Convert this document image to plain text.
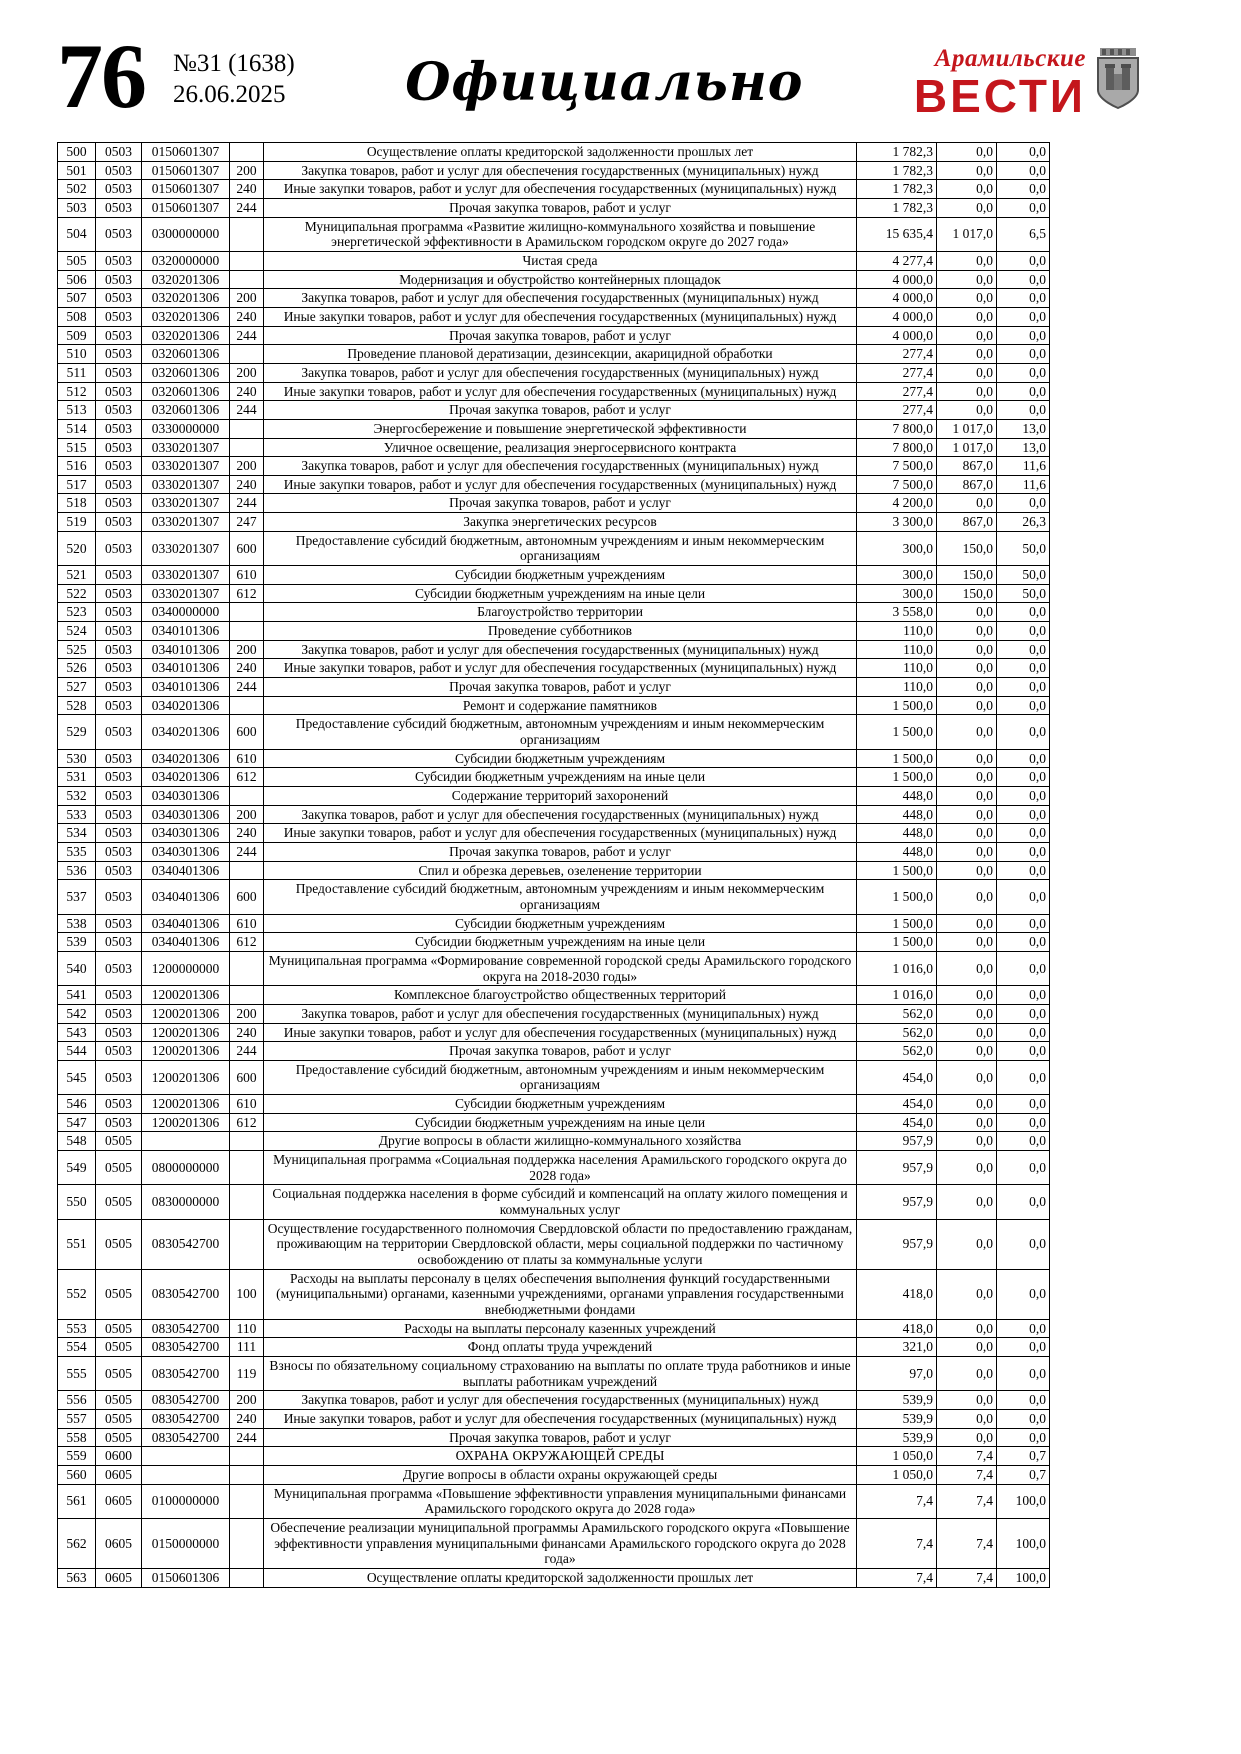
76 №31 (1638)
26.06.2025	Официально	Арамильские
ВЕСТИ
500	0503	0150601307		Осуществление оплаты кредиторской задолженности прошлых лет	1 782,3	0,0	0,0
501	0503	0150601307	200	Закупка товаров, работ и услуг для обеспечения государственных (муниципальных) нужд	1 782,3	0,0	0,0
502	0503	0150601307	240	Иные закупки товаров, работ и услуг для обеспечения государственных (муниципальных) нужд	1 782,3	0,0	0,0
503	0503	0150601307	244	Прочая закупка товаров, работ и услуг	1 782,3	0,0	0,0
504	0503	0300000000		Муниципальная программа «Развитие жилищно-коммунального хозяйства и повышение энергетической эффективности в Арамильском городском округе до 2027 года»	15 635,4	1 017,0	6,5
505	0503	0320000000		Чистая среда	4 277,4	0,0	0,0
506	0503	0320201306		Модернизация и обустройство контейнерных площадок	4 000,0	0,0	0,0
507	0503	0320201306	200	Закупка товаров, работ и услуг для обеспечения государственных (муниципальных) нужд	4 000,0	0,0	0,0
508	0503	0320201306	240	Иные закупки товаров, работ и услуг для обеспечения государственных (муниципальных) нужд	4 000,0	0,0	0,0
509	0503	0320201306	244	Прочая закупка товаров, работ и услуг	4 000,0	0,0	0,0
510	0503	0320601306		Проведение плановой дератизации, дезинсекции, акарицидной обработки	277,4	0,0	0,0
511	0503	0320601306	200	Закупка товаров, работ и услуг для обеспечения государственных (муниципальных) нужд	277,4	0,0	0,0
512	0503	0320601306	240	Иные закупки товаров, работ и услуг для обеспечения государственных (муниципальных) нужд	277,4	0,0	0,0
513	0503	0320601306	244	Прочая закупка товаров, работ и услуг	277,4	0,0	0,0
514	0503	0330000000		Энергосбережение и повышение энергетической эффективности	7 800,0	1 017,0	13,0
515	0503	0330201307		Уличное освещение, реализация энергосервисного контракта	7 800,0	1 017,0	13,0
516	0503	0330201307	200	Закупка товаров, работ и услуг для обеспечения государственных (муниципальных) нужд	7 500,0	867,0	11,6
517	0503	0330201307	240	Иные закупки товаров, работ и услуг для обеспечения государственных (муниципальных) нужд	7 500,0	867,0	11,6
518	0503	0330201307	244	Прочая закупка товаров, работ и услуг	4 200,0	0,0	0,0
519	0503	0330201307	247	Закупка энергетических ресурсов	3 300,0	867,0	26,3
520	0503	0330201307	600	Предоставление субсидий бюджетным, автономным учреждениям и иным некоммерческим организациям	300,0	150,0	50,0
521	0503	0330201307	610	Субсидии бюджетным учреждениям	300,0	150,0	50,0
522	0503	0330201307	612	Субсидии бюджетным учреждениям на иные цели	300,0	150,0	50,0
523	0503	0340000000		Благоустройство территории	3 558,0	0,0	0,0
524	0503	0340101306		Проведение субботников	110,0	0,0	0,0
525	0503	0340101306	200	Закупка товаров, работ и услуг для обеспечения государственных (муниципальных) нужд	110,0	0,0	0,0
526	0503	0340101306	240	Иные закупки товаров, работ и услуг для обеспечения государственных (муниципальных) нужд	110,0	0,0	0,0
527	0503	0340101306	244	Прочая закупка товаров, работ и услуг	110,0	0,0	0,0
528	0503	0340201306		Ремонт и содержание памятников	1 500,0	0,0	0,0
529	0503	0340201306	600	Предоставление субсидий бюджетным, автономным учреждениям и иным некоммерческим организациям	1 500,0	0,0	0,0
530	0503	0340201306	610	Субсидии бюджетным учреждениям	1 500,0	0,0	0,0
531	0503	0340201306	612	Субсидии бюджетным учреждениям на иные цели	1 500,0	0,0	0,0
532	0503	0340301306		Содержание территорий захоронений	448,0	0,0	0,0
533	0503	0340301306	200	Закупка товаров, работ и услуг для обеспечения государственных (муниципальных) нужд	448,0	0,0	0,0
534	0503	0340301306	240	Иные закупки товаров, работ и услуг для обеспечения государственных (муниципальных) нужд	448,0	0,0	0,0
535	0503	0340301306	244	Прочая закупка товаров, работ и услуг	448,0	0,0	0,0
536	0503	0340401306		Спил и обрезка деревьев, озеленение территории	1 500,0	0,0	0,0
537	0503	0340401306	600	Предоставление субсидий бюджетным, автономным учреждениям и иным некоммерческим организациям	1 500,0	0,0	0,0
538	0503	0340401306	610	Субсидии бюджетным учреждениям	1 500,0	0,0	0,0
539	0503	0340401306	612	Субсидии бюджетным учреждениям на иные цели	1 500,0	0,0	0,0
540	0503	1200000000		Муниципальная программа «Формирование современной городской среды Арамильского городского округа на 2018-2030 годы»	1 016,0	0,0	0,0
541	0503	1200201306		Комплексное благоустройство общественных территорий	1 016,0	0,0	0,0
542	0503	1200201306	200	Закупка товаров, работ и услуг для обеспечения государственных (муниципальных) нужд	562,0	0,0	0,0
543	0503	1200201306	240	Иные закупки товаров, работ и услуг для обеспечения государственных (муниципальных) нужд	562,0	0,0	0,0
544	0503	1200201306	244	Прочая закупка товаров, работ и услуг	562,0	0,0	0,0
545	0503	1200201306	600	Предоставление субсидий бюджетным, автономным учреждениям и иным некоммерческим организациям	454,0	0,0	0,0
546	0503	1200201306	610	Субсидии бюджетным учреждениям	454,0	0,0	0,0
547	0503	1200201306	612	Субсидии бюджетным учреждениям на иные цели	454,0	0,0	0,0
548	0505			Другие вопросы в области жилищно-коммунального хозяйства	957,9	0,0	0,0
549	0505	0800000000		Муниципальная программа «Социальная поддержка населения Арамильского городского округа до 2028 года»	957,9	0,0	0,0
550	0505	0830000000		Социальная поддержка населения в форме субсидий и компенсаций на оплату жилого помещения и коммунальных услуг	957,9	0,0	0,0
551	0505	0830542700		Осуществление государственного полномочия Свердловской области по предоставлению гражданам, проживающим на территории Свердловской области, меры социальной поддержки по частичному освобождению от платы за коммунальные услуги	957,9	0,0	0,0
552	0505	0830542700	100	Расходы на выплаты персоналу в целях обеспечения выполнения функций государственными (муниципальными) органами, казенными учреждениями, органами управления государственными внебюджетными фондами	418,0	0,0	0,0
553	0505	0830542700	110	Расходы на выплаты персоналу казенных учреждений	418,0	0,0	0,0
554	0505	0830542700	111	Фонд оплаты труда учреждений	321,0	0,0	0,0
555	0505	0830542700	119	Взносы по обязательному социальному страхованию на выплаты по оплате труда работников и иные выплаты работникам учреждений	97,0	0,0	0,0
556	0505	0830542700	200	Закупка товаров, работ и услуг для обеспечения государственных (муниципальных) нужд	539,9	0,0	0,0
557	0505	0830542700	240	Иные закупки товаров, работ и услуг для обеспечения государственных (муниципальных) нужд	539,9	0,0	0,0
558	0505	0830542700	244	Прочая закупка товаров, работ и услуг	539,9	0,0	0,0
559	0600			ОХРАНА ОКРУЖАЮЩЕЙ СРЕДЫ	1 050,0	7,4	0,7
560	0605			Другие вопросы в области охраны окружающей среды	1 050,0	7,4	0,7
561	0605	0100000000		Муниципальная программа «Повышение эффективности управления муниципальными финансами Арамильского городского округа до 2028 года»	7,4	7,4	100,0
562	0605	0150000000		Обеспечение реализации муниципальной программы Арамильского городского округа «Повышение эффективности управления муниципальными финансами Арамильского городского округа до 2028 года»	7,4	7,4	100,0
563	0605	0150601306		Осуществление оплаты кредиторской задолженности прошлых лет	7,4	7,4	100,0
